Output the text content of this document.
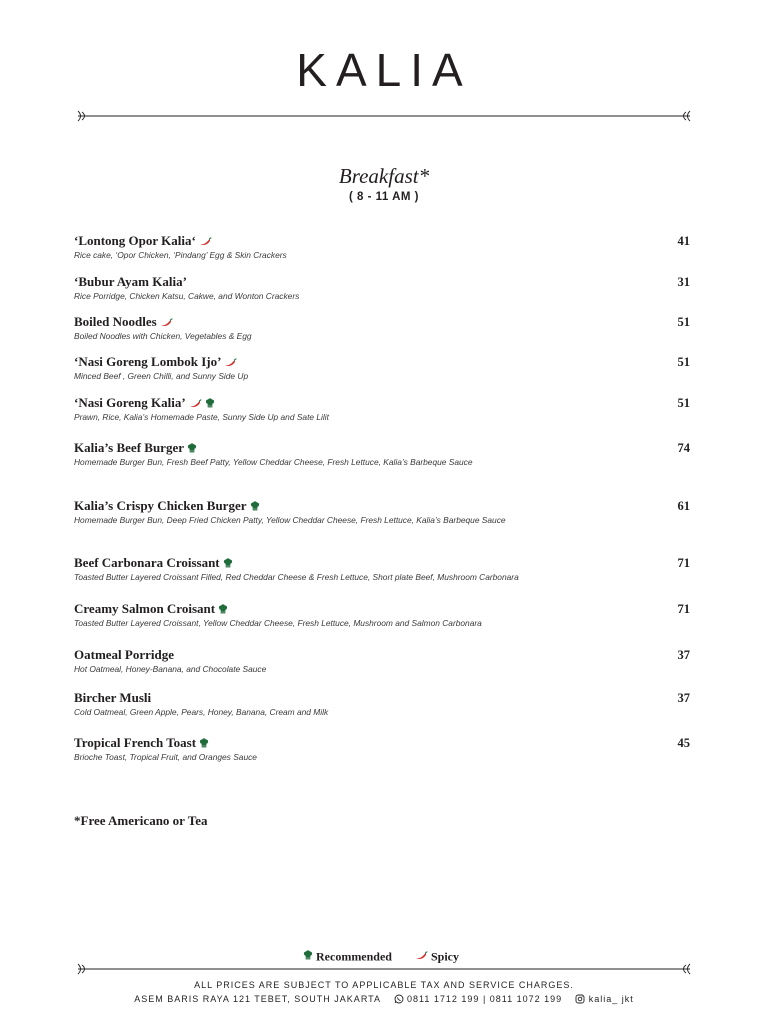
KALIA
Breakfast*
( 8 - 11 AM )
‘Lontong Opor Kalia‘
Rice cake, ‘Opor Chicken, ‘Pindang’ Egg & Skin Crackers
41
‘Bubur Ayam Kalia’
Rice Porridge, Chicken Katsu, Cakwe, and Wonton Crackers
31
Boiled Noodles
Boiled Noodles with Chicken, Vegetables & Egg
51
‘Nasi Goreng Lombok Ijo’
Minced Beef , Green Chilli, and Sunny Side Up
51
‘Nasi Goreng Kalia’
Prawn, Rice, Kalia’s Homemade Paste, Sunny Side Up and Sate Lilit
51
Kalia’s Beef Burger
Homemade Burger Bun, Fresh Beef Patty, Yellow Cheddar Cheese, Fresh Lettuce, Kalia’s Barbeque Sauce
74
Kalia’s Crispy Chicken Burger
Homemade Burger Bun, Deep Fried Chicken Patty, Yellow Cheddar Cheese, Fresh Lettuce, Kalia’s Barbeque Sauce
61
Beef Carbonara Croissant
Toasted Butter Layered Croissant Filled, Red Cheddar Cheese & Fresh Lettuce, Short plate Beef, Mushroom Carbonara
71
Creamy Salmon Croisant
Toasted Butter Layered Croissant, Yellow Cheddar Cheese, Fresh Lettuce, Mushroom and Salmon Carbonara
71
Oatmeal Porridge
Hot Oatmeal, Honey-Banana, and Chocolate Sauce
37
Bircher Musli
Cold Oatmeal, Green Apple, Pears, Honey, Banana, Cream and Milk
37
Tropical French Toast
Brioche Toast, Tropical Fruit, and Oranges Sauce
45
*Free Americano or Tea
Recommended	Spicy
ALL PRICES ARE SUBJECT TO APPLICABLE TAX AND SERVICE CHARGES.
ASEM BARIS RAYA 121 TEBET, SOUTH JAKARTA	0811 1712 199 | 0811 1072 199	kalia_ jkt
